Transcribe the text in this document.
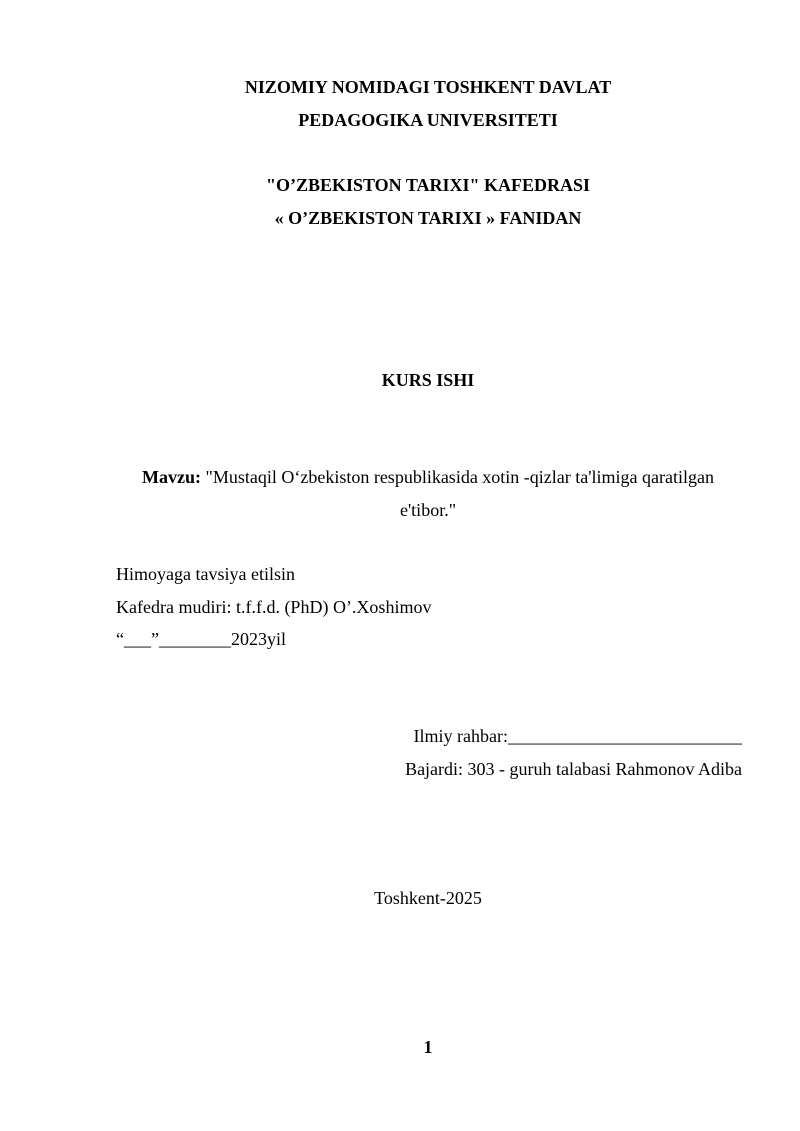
NIZOMIY NOMIDAGI TOSHKENT DAVLAT

PEDAGOGIKA UNIVERSITETI

"O’ZBEKISTON TARIXI" KAFEDRASI

« O’ZBEKISTON TARIXI » FANIDAN

KURS ISHI

Mavzu: "Mustaqil O‘zbekiston respublikasida xotin -qizlar ta'limiga qaratilgan

e'tibor."

Himoyaga tavsiya etilsin

Kafedra mudiri: t.f.f.d. (PhD) O’.Xoshimov

“___”________2023yil

Ilmiy rahbar:__________________________

Bajardi: 303 - guruh talabasi Rahmonov Adiba

Toshkent-2025

1
